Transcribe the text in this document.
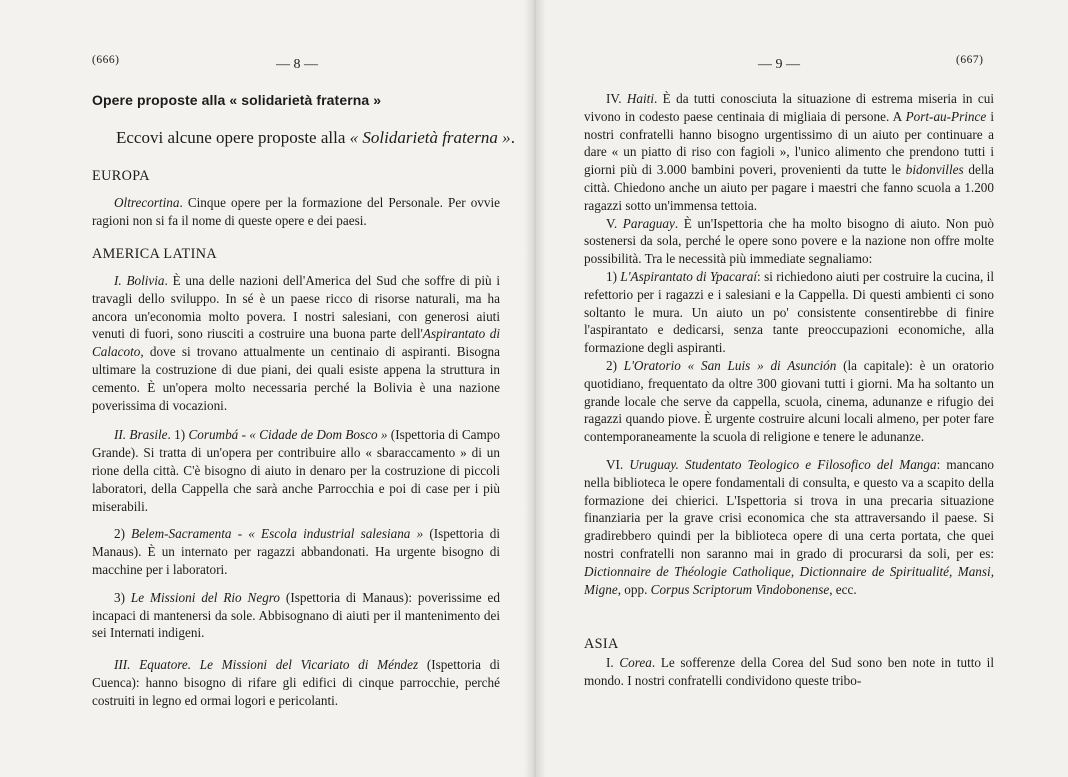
(666)	— 8 —
Opere proposte alla « solidarietà fraterna »
Eccovi alcune opere proposte alla « Solidarietà fraterna ».
EUROPA

Oltrecortina. Cinque opere per la formazione del Personale. Per ovvie ragioni non si fa il nome di queste opere e dei paesi.

AMERICA LATINA

I. Bolivia. È una delle nazioni dell'America del Sud che soffre di più i travagli dello sviluppo. In sé è un paese ricco di risorse naturali, ma ha ancora un'economia molto povera. I nostri salesiani, con generosi aiuti venuti di fuori, sono riusciti a costruire una buona parte dell'Aspirantato di Calacoto, dove si trovano attualmente un centinaio di aspiranti. Bisogna ultimare la costruzione di due piani, dei quali esiste appena la struttura in cemento. È un'opera molto necessaria perché la Bolivia è una nazione poverissima di vocazioni.

II. Brasile. 1) Corumbá - « Cidade de Dom Bosco » (Ispettoria di Campo Grande). Si tratta di un'opera per contribuire allo « sbaraccamento » di un rione della città. C'è bisogno di aiuto in denaro per la costruzione di piccoli laboratori, della Cappella che sarà anche Parrocchia e poi di case per i più miserabili.

2) Belem-Sacramenta - « Escola industrial salesiana » (Ispettoria di Manaus). È un internato per ragazzi abbandonati. Ha urgente bisogno di macchine per i laboratori.

3) Le Missioni del Rio Negro (Ispettoria di Manaus): poverissime ed incapaci di mantenersi da sole. Abbisognano di aiuti per il mantenimento dei sei Internati indigeni.

III. Equatore. Le Missioni del Vicariato di Méndez (Ispettoria di Cuenca): hanno bisogno di rifare gli edifici di cinque parrocchie, perché costruiti in legno ed ormai logori e pericolanti.

— 9 —	(667)

IV. Haiti. È da tutti conosciuta la situazione di estrema miseria in cui vivono in codesto paese centinaia di migliaia di persone. A Port-au-Prince i nostri confratelli hanno bisogno urgentissimo di un aiuto per continuare a dare « un piatto di riso con fagioli », l'unico alimento che prendono tutti i giorni più di 3.000 bambini poveri, provenienti da tutte le bidonvilles della città. Chiedono anche un aiuto per pagare i maestri che fanno scuola a 1.200 ragazzi sotto un'immensa tettoia.

V. Paraguay. È un'Ispettoria che ha molto bisogno di aiuto. Non può sostenersi da sola, perché le opere sono povere e la nazione non offre molte possibilità. Tra le necessità più immediate segnaliamo:

1) L'Aspirantato di Ypacaraí: si richiedono aiuti per costruire la cucina, il refettorio per i ragazzi e i salesiani e la Cappella. Di questi ambienti ci sono soltanto le mura. Un aiuto un po' consistente consentirebbe di finire l'aspirantato e dedicarsi, senza tante preoccupazioni economiche, alla formazione degli aspiranti.

2) L'Oratorio « San Luis » di Asunción (la capitale): è un oratorio quotidiano, frequentato da oltre 300 giovani tutti i giorni. Ma ha soltanto un grande locale che serve da cappella, scuola, cinema, adunanze e rifugio dei ragazzi quando piove. È urgente costruire alcuni locali almeno, per poter fare contemporaneamente la scuola di religione e tenere le adunanze.

VI. Uruguay. Studentato Teologico e Filosofico del Manga: mancano nella biblioteca le opere fondamentali di consulta, e questo va a scapito della formazione dei chierici. L'Ispettoria si trova in una precaria situazione finanziaria per la grave crisi economica che sta attraversando il paese. Si gradirebbero quindi per la biblioteca opere di una certa portata, che quei nostri confratelli non saranno mai in grado di procurarsi da soli, per es: Dictionnaire de Théologie Catholique, Dictionnaire de Spiritualité, Mansi, Migne, opp. Corpus Scriptorum Vindobonense, ecc.

ASIA

I. Corea. Le sofferenze della Corea del Sud sono ben note in tutto il mondo. I nostri confratelli condividono queste tribo-
